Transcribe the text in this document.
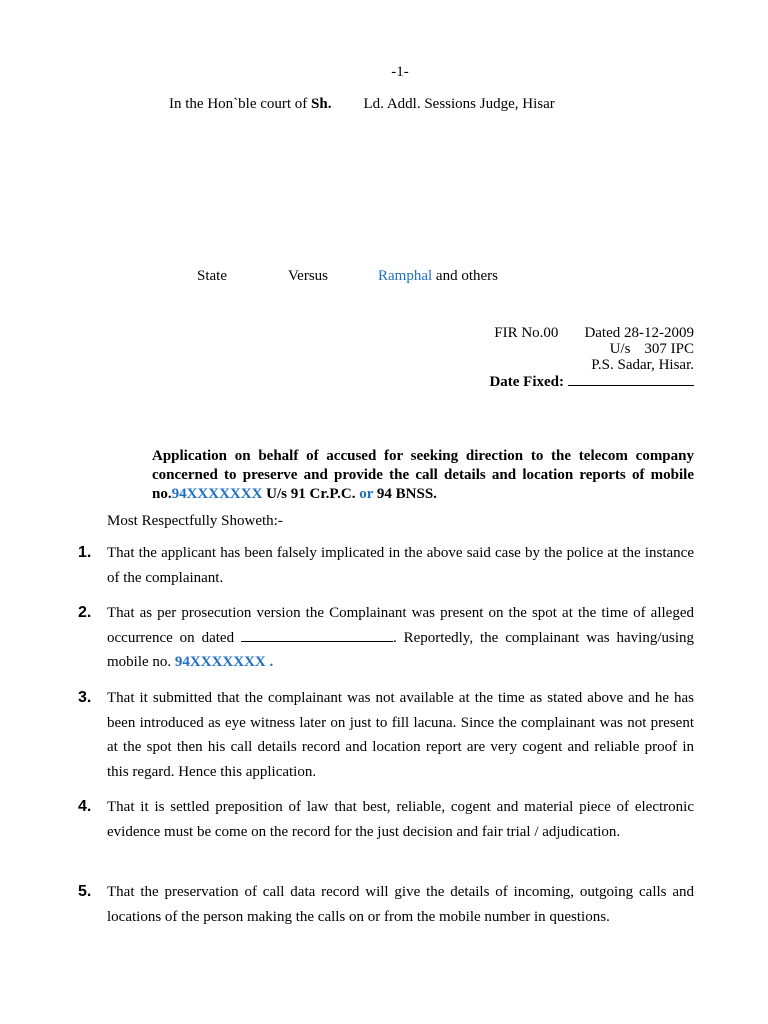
-1-
In the Hon`ble court of Sh. Ld. Addl. Sessions Judge, Hisar
State	Versus	Ramphal and others
FIR No.00 Dated 28-12-2009
U/s 307 IPC
P.S. Sadar, Hisar.
Date Fixed:
Application on behalf of accused for seeking direction to the telecom company concerned to preserve and provide the call details and location reports of mobile no.94XXXXXXX U/s 91 Cr.P.C. or 94 BNSS.
Most Respectfully Showeth:-
1. That the applicant has been falsely implicated in the above said case by the police at the instance of the complainant.
2. That as per prosecution version the Complainant was present on the spot at the time of alleged occurrence on dated	. Reportedly, the complainant was having/using mobile no. 94XXXXXXX .
3. That it submitted that the complainant was not available at the time as stated above and he has been introduced as eye witness later on just to fill lacuna. Since the complainant was not present at the spot then his call details record and location report are very cogent and reliable proof in this regard. Hence this application.
4. That it is settled preposition of law that best, reliable, cogent and material piece of electronic evidence must be come on the record for the just decision and fair trial / adjudication.
5. That the preservation of call data record will give the details of incoming, outgoing calls and locations of the person making the calls on or from the mobile number in questions.
